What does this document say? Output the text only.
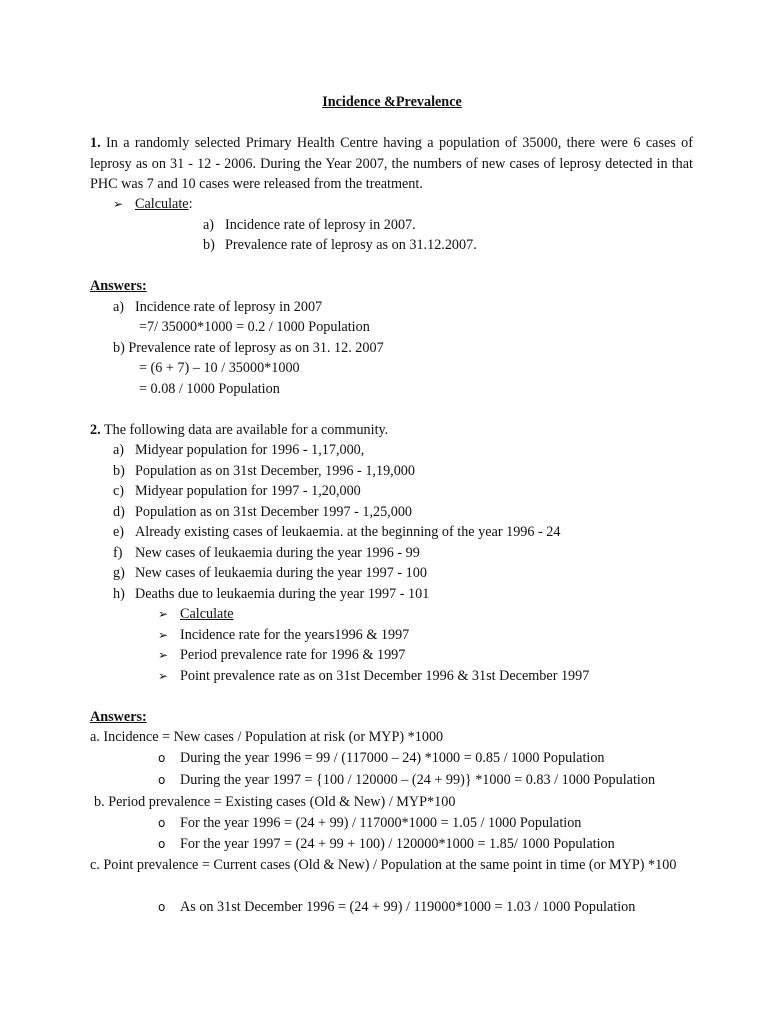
Incidence &Prevalence
1. In a randomly selected Primary Health Centre having a population of 35000, there were 6 cases of leprosy as on 31 - 12 - 2006. During the Year 2007, the numbers of new cases of leprosy detected in that PHC was 7 and 10 cases were released from the treatment.
➢ Calculate:
a) Incidence rate of leprosy in 2007.
b) Prevalence rate of leprosy as on 31.12.2007.
Answers:
a) Incidence rate of leprosy in 2007
=7/ 35000*1000 = 0.2 / 1000 Population
b) Prevalence rate of leprosy as on 31. 12. 2007
= (6 + 7) – 10 / 35000*1000
= 0.08 / 1000 Population
2. The following data are available for a community.
a) Midyear population for 1996 - 1,17,000,
b) Population as on 31st December, 1996 - 1,19,000
c) Midyear population for 1997 - 1,20,000
d) Population as on 31st December 1997 - 1,25,000
e) Already existing cases of leukaemia. at the beginning of the year 1996 - 24
f) New cases of leukaemia during the year 1996 - 99
g) New cases of leukaemia during the year 1997 - 100
h) Deaths due to leukaemia during the year 1997 - 101
➢ Calculate
➢ Incidence rate for the years1996 & 1997
➢ Period prevalence rate for 1996 & 1997
➢ Point prevalence rate as on 31st December 1996 & 31st December 1997
Answers:
a. Incidence = New cases / Population at risk (or MYP) *1000
o During the year 1996 = 99 / (117000 – 24) *1000 = 0.85 / 1000 Population
o During the year 1997 = {100 / 120000 – (24 + 99)} *1000 = 0.83 / 1000 Population
b. Period prevalence = Existing cases (Old & New) / MYP*100
o For the year 1996 = (24 + 99) / 117000*1000 = 1.05 / 1000 Population
o For the year 1997 = (24 + 99 + 100) / 120000*1000 = 1.85/ 1000 Population
c. Point prevalence = Current cases (Old & New) / Population at the same point in time (or MYP) *100
o As on 31st December 1996 = (24 + 99) / 119000*1000 = 1.03 / 1000 Population
